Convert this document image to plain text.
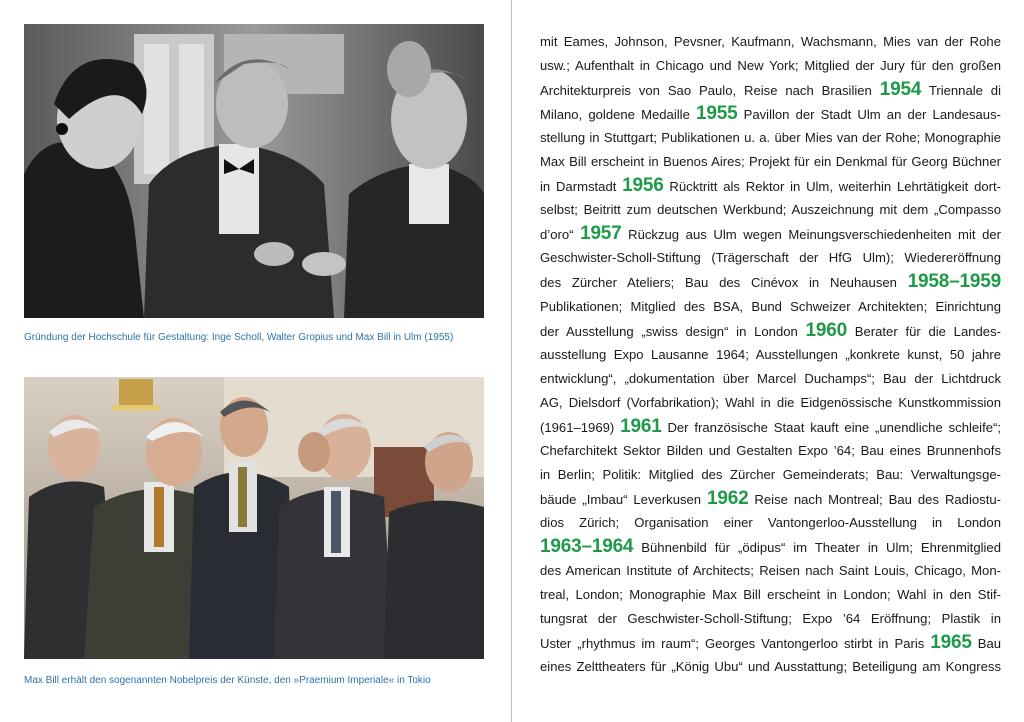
Gründung der Hochschule für Gestaltung: Inge Scholl, Walter Gropius und Max Bill in Ulm (1955)
Max Bill erhält den sogenannten Nobelpreis der Künste, den »Praemium Imperiale« in Tokio
mit Eames, Johnson, Pevsner, Kaufmann, Wachsmann, Mies van der Rohe
usw.; Aufenthalt in Chicago und New York; Mitglied der Jury für den großen
Architekturpreis von Sao Paulo, Reise nach Brasilien 1954 Triennale di
Milano, goldene Medaille 1955 Pavillon der Stadt Ulm an der Landesaus-
stellung in Stuttgart; Publikationen u. a. über Mies van der Rohe; Monographie
Max Bill erscheint in Buenos Aires; Projekt für ein Denkmal für Georg Büchner
in Darmstadt 1956 Rücktritt als Rektor in Ulm, weiterhin Lehrtätigkeit dort-
selbst; Beitritt zum deutschen Werkbund; Auszeichnung mit dem „Compasso
d’oro“ 1957 Rückzug aus Ulm wegen Meinungsverschiedenheiten mit der
Geschwister-Scholl-Stiftung (Trägerschaft der HfG Ulm); Wiedereröffnung
des Zürcher Ateliers; Bau des Cinévox in Neuhausen 1958–1959
Publikationen; Mitglied des BSA, Bund Schweizer Architekten; Einrichtung
der Ausstellung „swiss design“ in London 1960 Berater für die Landes-
ausstellung Expo Lausanne 1964; Ausstellungen „konkrete kunst, 50 jahre
entwicklung“, „dokumentation über Marcel Duchamps“; Bau der Lichtdruck
AG, Dielsdorf (Vorfabrikation); Wahl in die Eidgenössische Kunstkommission
(1961–1969) 1961 Der französische Staat kauft eine „unendliche schleife“;
Chefarchitekt Sektor Bilden und Gestalten Expo ’64; Bau eines Brunnenhofs
in Berlin; Politik: Mitglied des Zürcher Gemeinderats; Bau: Verwaltungsge-
bäude „Imbau“ Leverkusen 1962 Reise nach Montreal; Bau des Radiostu-
dios Zürich; Organisation einer Vantongerloo-Ausstellung in London
1963–1964 Bühnenbild für „ödipus“ im Theater in Ulm; Ehrenmitglied
des American Institute of Architects; Reisen nach Saint Louis, Chicago, Mon-
treal, London; Monographie Max Bill erscheint in London; Wahl in den Stif-
tungsrat der Geschwister-Scholl-Stiftung; Expo ’64 Eröffnung; Plastik in
Uster „rhythmus im raum“; Georges Vantongerloo stirbt in Paris 1965 Bau
eines Zelttheaters für „König Ubu“ und Ausstattung; Beteiligung am Kongress
